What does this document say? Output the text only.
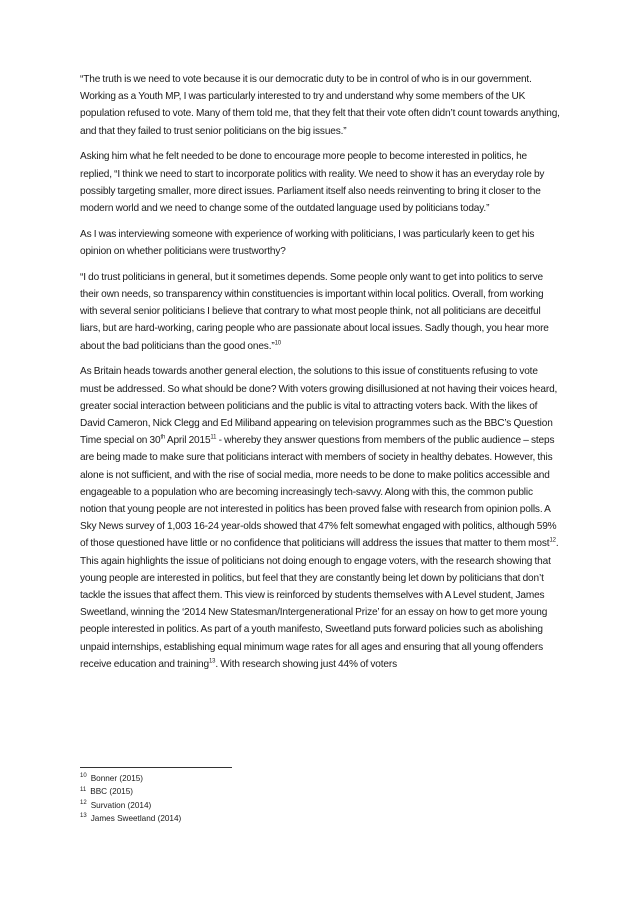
“The truth is we need to vote because it is our democratic duty to be in control of who is in our government. Working as a Youth MP, I was particularly interested to try and understand why some members of the UK population refused to vote. Many of them told me, that they felt that their vote often didn’t count towards anything, and that they failed to trust senior politicians on the big issues.”

Asking him what he felt needed to be done to encourage more people to become interested in politics, he replied, “I think we need to start to incorporate politics with reality. We need to show it has an everyday role by possibly targeting smaller, more direct issues. Parliament itself also needs reinventing to bring it closer to the modern world and we need to change some of the outdated language used by politicians today.”

As I was interviewing someone with experience of working with politicians, I was particularly keen to get his opinion on whether politicians were trustworthy?

“I do trust politicians in general, but it sometimes depends. Some people only want to get into politics to serve their own needs, so transparency within constituencies is important within local politics. Overall, from working with several senior politicians I believe that contrary to what most people think, not all politicians are deceitful liars, but are hard-working, caring people who are passionate about local issues. Sadly though, you hear more about the bad politicians than the good ones.”$^{10}$

As Britain heads towards another general election, the solutions to this issue of constituents refusing to vote must be addressed. So what should be done? With voters growing disillusioned at not having their voices heard, greater social interaction between politicians and the public is vital to attracting voters back. With the likes of David Cameron, Nick Clegg and Ed Miliband appearing on television programmes such as the BBC’s Question Time special on 30th April 2015$^{11}$ - whereby they answer questions from members of the public audience – steps are being made to make sure that politicians interact with members of society in healthy debates. However, this alone is not sufficient, and with the rise of social media, more needs to be done to make politics accessible and engageable to a population who are becoming increasingly tech-savvy. Along with this, the common public notion that young people are not interested in politics has been proved false with research from opinion polls. A Sky News survey of 1,003 16-24 year-olds showed that 47% felt somewhat engaged with politics, although 59% of those questioned have little or no confidence that politicians will address the issues that matter to them most$^{12}$. This again highlights the issue of politicians not doing enough to engage voters, with the research showing that young people are interested in politics, but feel that they are constantly being let down by politicians that don’t tackle the issues that affect them. This view is reinforced by students themselves with A Level student, James Sweetland, winning the ‘2014 New Statesman/Intergenerational Prize’ for an essay on how to get more young people interested in politics. As part of a youth manifesto, Sweetland puts forward policies such as abolishing unpaid internships, establishing equal minimum wage rates for all ages and ensuring that all young offenders receive education and training$^{13}$. With research showing just 44% of voters

$^{10}$ Bonner (2015)
$^{11}$ BBC (2015)
$^{12}$ Survation (2014)
$^{13}$ James Sweetland (2014)
